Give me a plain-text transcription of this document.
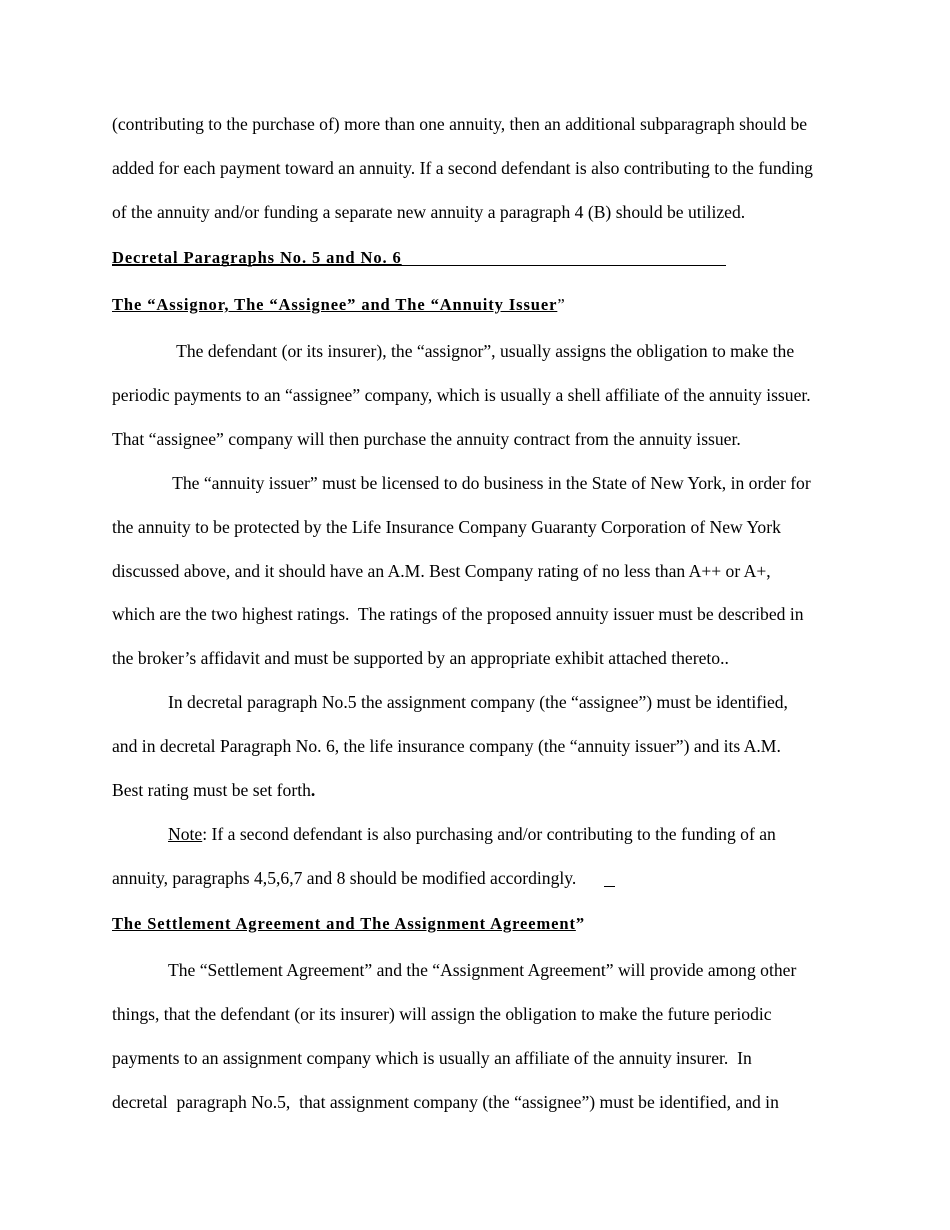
(contributing to the purchase of) more than one annuity, then an additional subparagraph should be
added for each payment toward an annuity. If a second defendant is also contributing to the funding
of the annuity and/or funding a separate new annuity a paragraph 4 (B) should be utilized.
Decretal Paragraphs No. 5 and No. 6
The “Assignor, The “Assignee” and The “Annuity Issuer”
The defendant (or its insurer), the “assignor”, usually assigns the obligation to make the
periodic payments to an “assignee” company, which is usually a shell affiliate of the annuity issuer.
That “assignee” company will then purchase the annuity contract from the annuity issuer.
The “annuity issuer” must be licensed to do business in the State of New York, in order for
the annuity to be protected by the Life Insurance Company Guaranty Corporation of New York
discussed above, and it should have an A.M. Best Company rating of no less than A++ or A+,
which are the two highest ratings.  The ratings of the proposed annuity issuer must be described in
the broker’s affidavit and must be supported by an appropriate exhibit attached thereto..
In decretal paragraph No.5 the assignment company (the “assignee”) must be identified,
and in decretal Paragraph No. 6, the life insurance company (the “annuity issuer”) and its A.M.
Best rating must be set forth.
Note: If a second defendant is also purchasing and/or contributing to the funding of an
annuity, paragraphs 4,5,6,7 and 8 should be modified accordingly.
The Settlement Agreement and The Assignment Agreement”
The “Settlement Agreement” and the “Assignment Agreement” will provide among other
things, that the defendant (or its insurer) will assign the obligation to make the future periodic
payments to an assignment company which is usually an affiliate of the annuity insurer.  In
decretal  paragraph No.5,  that assignment company (the “assignee”) must be identified, and in
